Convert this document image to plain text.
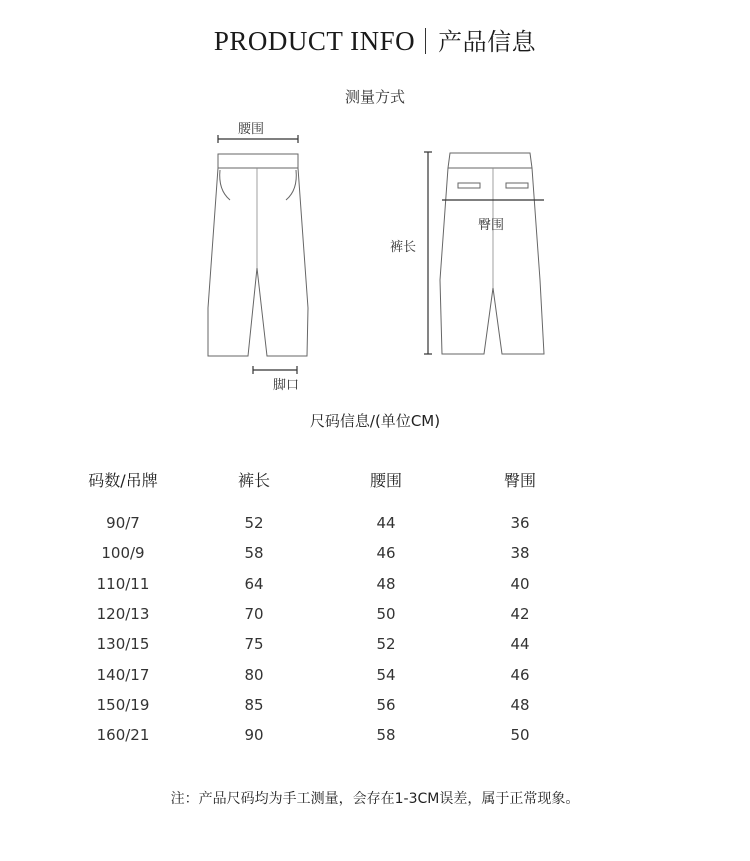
PRODUCT INFO 产品信息
测量方式
腰围
脚口
裤长
臀围
尺码信息/(单位CM)
码数/吊牌	裤长	腰围	臀围

90/7	52	44	36
100/9	58	46	38
110/11	64	48	40
120/13	70	50	42
130/15	75	52	44
140/17	80	54	46
150/19	85	56	48
160/21	90	58	50
注：产品尺码均为手工测量，会存在1-3CM误差，属于正常现象。
